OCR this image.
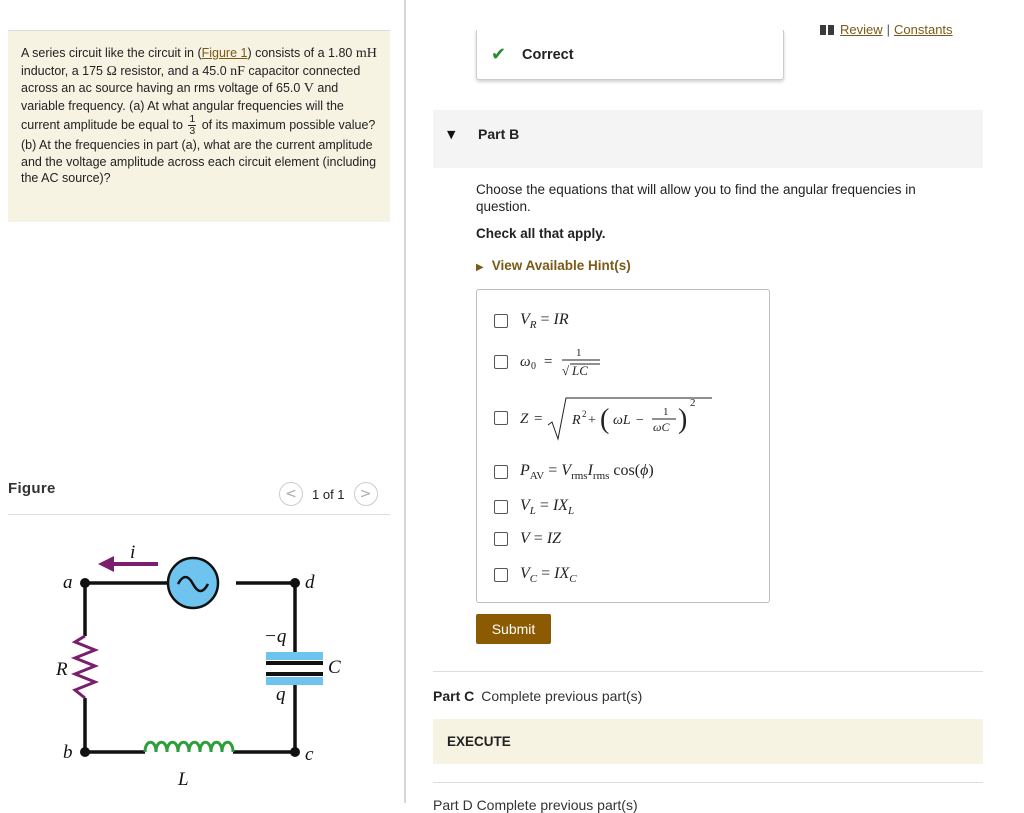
A series circuit like the circuit in (Figure 1) consists of a 1.80 mH inductor, a 175 Ω resistor, and a 45.0 nF capacitor connected across an ac source having an rms voltage of 65.0 V and variable frequency. (a) At what angular frequencies will the current amplitude be equal to $\frac{1}{3}$ of its maximum possible value? (b) At the frequencies in part (a), what are the current amplitude and the voltage amplitude across each circuit element (including the AC source)?
Figure	<	1 of 1	>
i
a	d
b	c
R
L
C
−q
q
Review | Constants
✔ Correct
▼ Part B
Choose the equations that will allow you to find the angular frequencies in question.
Check all that apply.
▶ View Available Hint(s)
$V_R$ = IR
ω 0 =
1
√ LC
Z = R 2 + ( ωL −
1
ωC )
2
$P_{AV} = V_{rms}I_{rms}$ cos(ϕ)
$V_L = IX_L$
V = IZ
$V_C = IX_C$
Submit
Part C Complete previous part(s)
EXECUTE
Part D Complete previous part(s)
